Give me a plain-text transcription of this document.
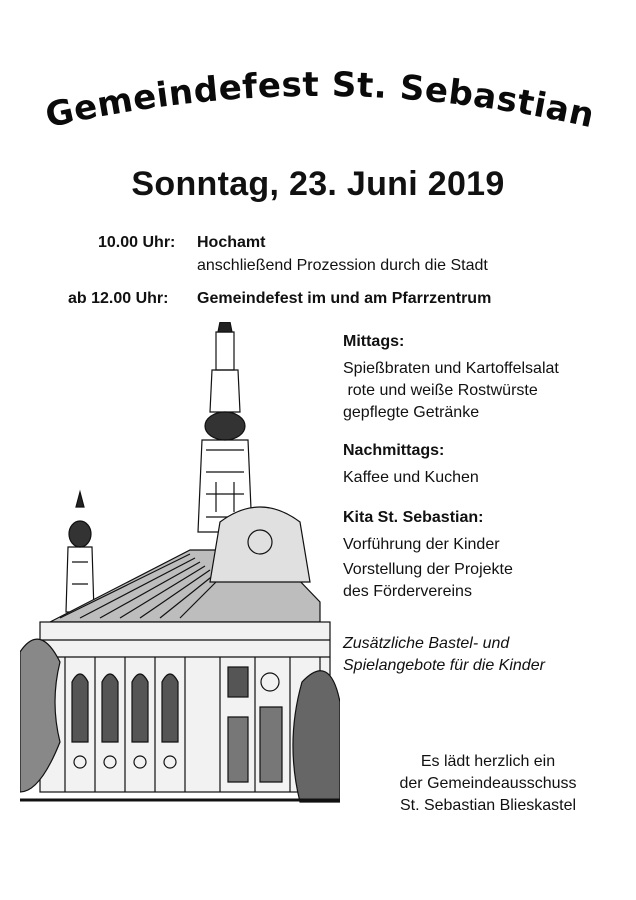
Gemeindefest St. Sebastian
Sonntag, 23. Juni 2019
10.00 Uhr: Hochamt
anschließend Prozession durch die Stadt
ab 12.00 Uhr: Gemeindefest im und am Pfarrzentrum
Mittags:
Spießbraten und Kartoffelsalat
rote und weiße Rostwürste
gepflegte Getränke
Nachmittags:
Kaffee und Kuchen
Kita St. Sebastian:
Vorführung der Kinder
Vorstellung der Projekte
des Fördervereins
Zusätzliche Bastel- und
Spielangebote für die Kinder
Es lädt herzlich ein
der Gemeindeausschuss
St. Sebastian Blieskastel
